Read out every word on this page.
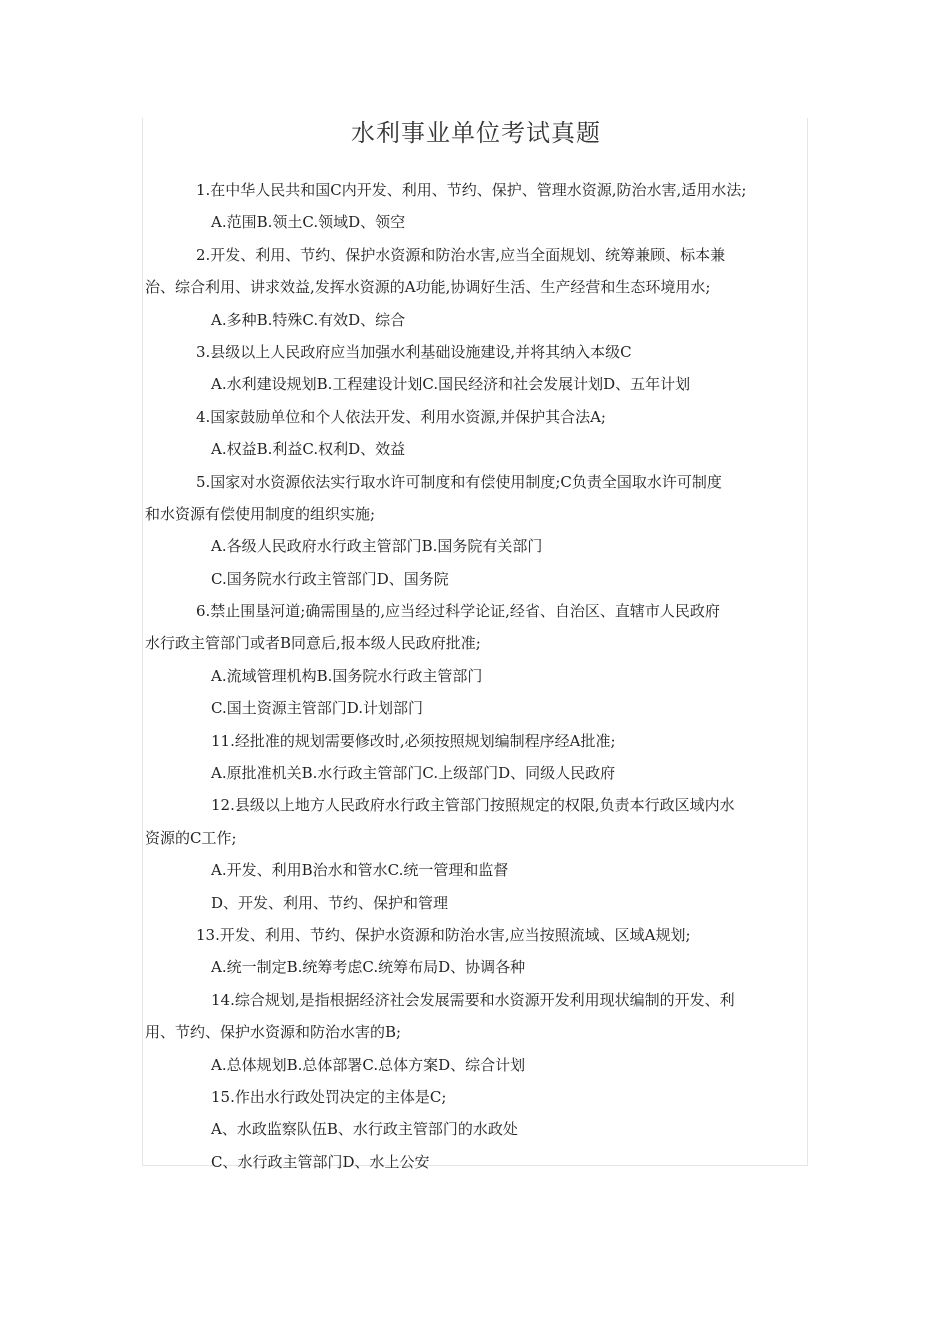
水利事业单位考试真题
1.在中华人民共和国C内开发、利用、节约、保护、管理水资源,防治水害,适用水法;
A.范围B.领土C.领域D、领空
2.开发、利用、节约、保护水资源和防治水害,应当全面规划、统筹兼顾、标本兼
治、综合利用、讲求效益,发挥水资源的A功能,协调好生活、生产经营和生态环境用水;
A.多种B.特殊C.有效D、综合
3.县级以上人民政府应当加强水利基础设施建设,并将其纳入本级C
A.水利建设规划B.工程建设计划C.国民经济和社会发展计划D、五年计划
4.国家鼓励单位和个人依法开发、利用水资源,并保护其合法A;
A.权益B.利益C.权利D、效益
5.国家对水资源依法实行取水许可制度和有偿使用制度;C负责全国取水许可制度
和水资源有偿使用制度的组织实施;
A.各级人民政府水行政主管部门B.国务院有关部门
C.国务院水行政主管部门D、国务院
6.禁止围垦河道;确需围垦的,应当经过科学论证,经省、自治区、直辖市人民政府
水行政主管部门或者B同意后,报本级人民政府批准;
A.流域管理机构B.国务院水行政主管部门
C.国土资源主管部门D.计划部门
11.经批准的规划需要修改时,必须按照规划编制程序经A批准;
A.原批准机关B.水行政主管部门C.上级部门D、同级人民政府
12.县级以上地方人民政府水行政主管部门按照规定的权限,负责本行政区域内水
资源的C工作;
A.开发、利用B治水和管水C.统一管理和监督
D、开发、利用、节约、保护和管理
13.开发、利用、节约、保护水资源和防治水害,应当按照流域、区域A规划;
A.统一制定B.统筹考虑C.统筹布局D、协调各种
14.综合规划,是指根据经济社会发展需要和水资源开发利用现状编制的开发、利
用、节约、保护水资源和防治水害的B;
A.总体规划B.总体部署C.总体方案D、综合计划
15.作出水行政处罚决定的主体是C;
A、水政监察队伍B、水行政主管部门的水政处
C、水行政主管部门D、水上公安
